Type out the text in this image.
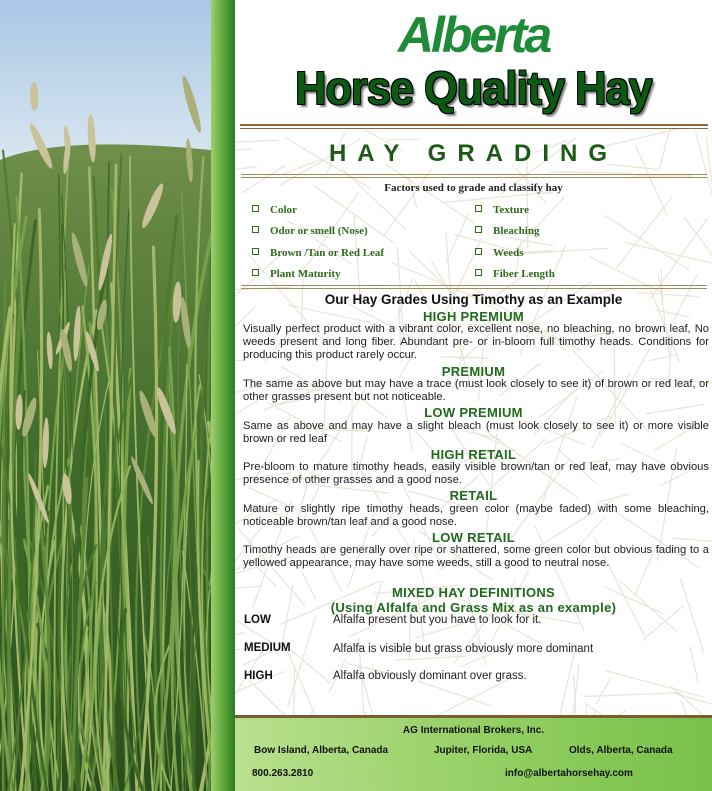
Alberta
Horse Quality Hay
HAY GRADING
Factors used to grade and classify hay
Color
Odor or smell (Nose)
Brown /Tan or Red Leaf
Plant Maturity
Texture
Bleaching
Weeds
Fiber Length
Our Hay Grades Using Timothy as an Example
HIGH PREMIUM
Visually perfect product with a vibrant color, excellent nose, no bleaching, no brown leaf, No weeds present and long fiber. Abundant pre- or in-bloom full timothy heads. Conditions for producing this product rarely occur.
PREMIUM
The same as above but may have a trace (must look closely to see it) of brown or red leaf, or other grasses present but not noticeable.
LOW PREMIUM
Same as above and may have a slight bleach (must look closely to see it) or more visible brown or red leaf
HIGH RETAIL
Pre-bloom to mature timothy heads, easily visible brown/tan or red leaf, may have obvious presence of other grasses and a good nose.
RETAIL
Mature or slightly ripe timothy heads, green color (maybe faded) with some bleaching, noticeable brown/tan leaf and a good nose.
LOW RETAIL
Timothy heads are generally over ripe or shattered, some green color but obvious fading to a yellowed appearance, may have some weeds, still a good to neutral nose.
MIXED HAY DEFINITIONS
(Using Alfalfa and Grass Mix as an example)
LOW	Alfalfa present but you have to look for it.
MEDIUM	Alfalfa is visible but grass obviously more dominant
HIGH	Alfalfa obviously dominant over grass.
AG International Brokers, Inc.
Bow Island, Alberta, Canada	Jupiter, Florida, USA	Olds, Alberta, Canada
800.263.2810	info@albertahorsehay.com
